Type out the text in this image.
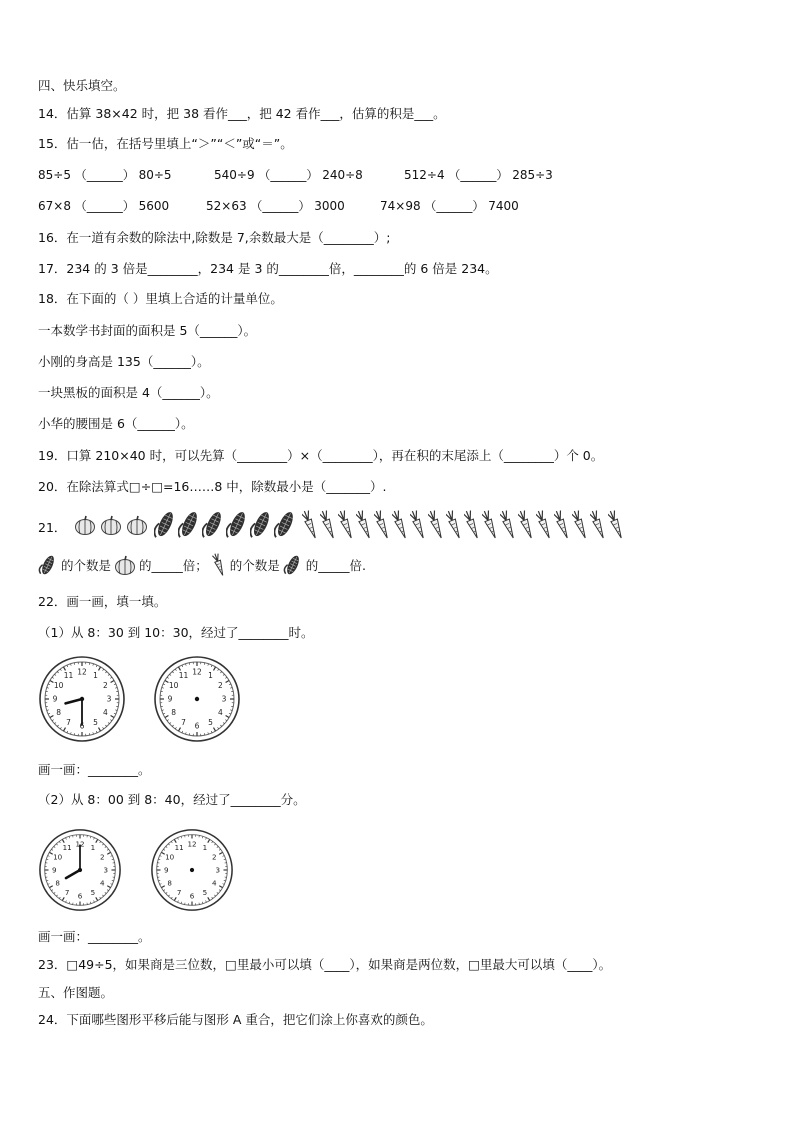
四、快乐填空。
14．估算 38×42 时，把 38 看作___，把 42 看作___，估算的积是___。
15．估一估，在括号里填上“＞”“＜”或“＝”。
85÷5 （______） 80÷5	540÷9 （______） 240÷8	512÷4 （______） 285÷3
67×8 （______） 5600	52×63 （______） 3000	74×98 （______） 7400
16．在一道有余数的除法中,除数是 7,余数最大是（________）;
17．234 的 3 倍是________，234 是 3 的________倍，________的 6 倍是 234。
18．在下面的（ ）里填上合适的计量单位。
一本数学书封面的面积是 5（______）。
小刚的身高是 135（______）。
一块黑板的面积是 4（______）。
小华的腰围是 6（______）。
19．口算 210×40 时，可以先算（________）×（________），再在积的末尾添上（________）个 0。
20．在除法算式□÷□=16……8 中，除数最小是（_______）.
21．
的个数是 的_____倍； 的个数是 的_____倍.
22．画一画，填一填。
（1）从 8：30 到 10：30，经过了________时。
1
2
3
4
5
6
7
8
9
10
11 12	1
2
3
4
5
6
7
8
9
10
11 12
画一画：________。
（2）从 8：00 到 8：40，经过了________分。
1
2
3
4
5
6
7
8
9
10
11 12	1
2
3
4
5
6
7
8
9
10
11 12
画一画：________。
23．□49÷5，如果商是三位数，□里最小可以填（____），如果商是两位数，□里最大可以填（____）。
五、作图题。
24．下面哪些图形平移后能与图形 A 重合，把它们涂上你喜欢的颜色。
